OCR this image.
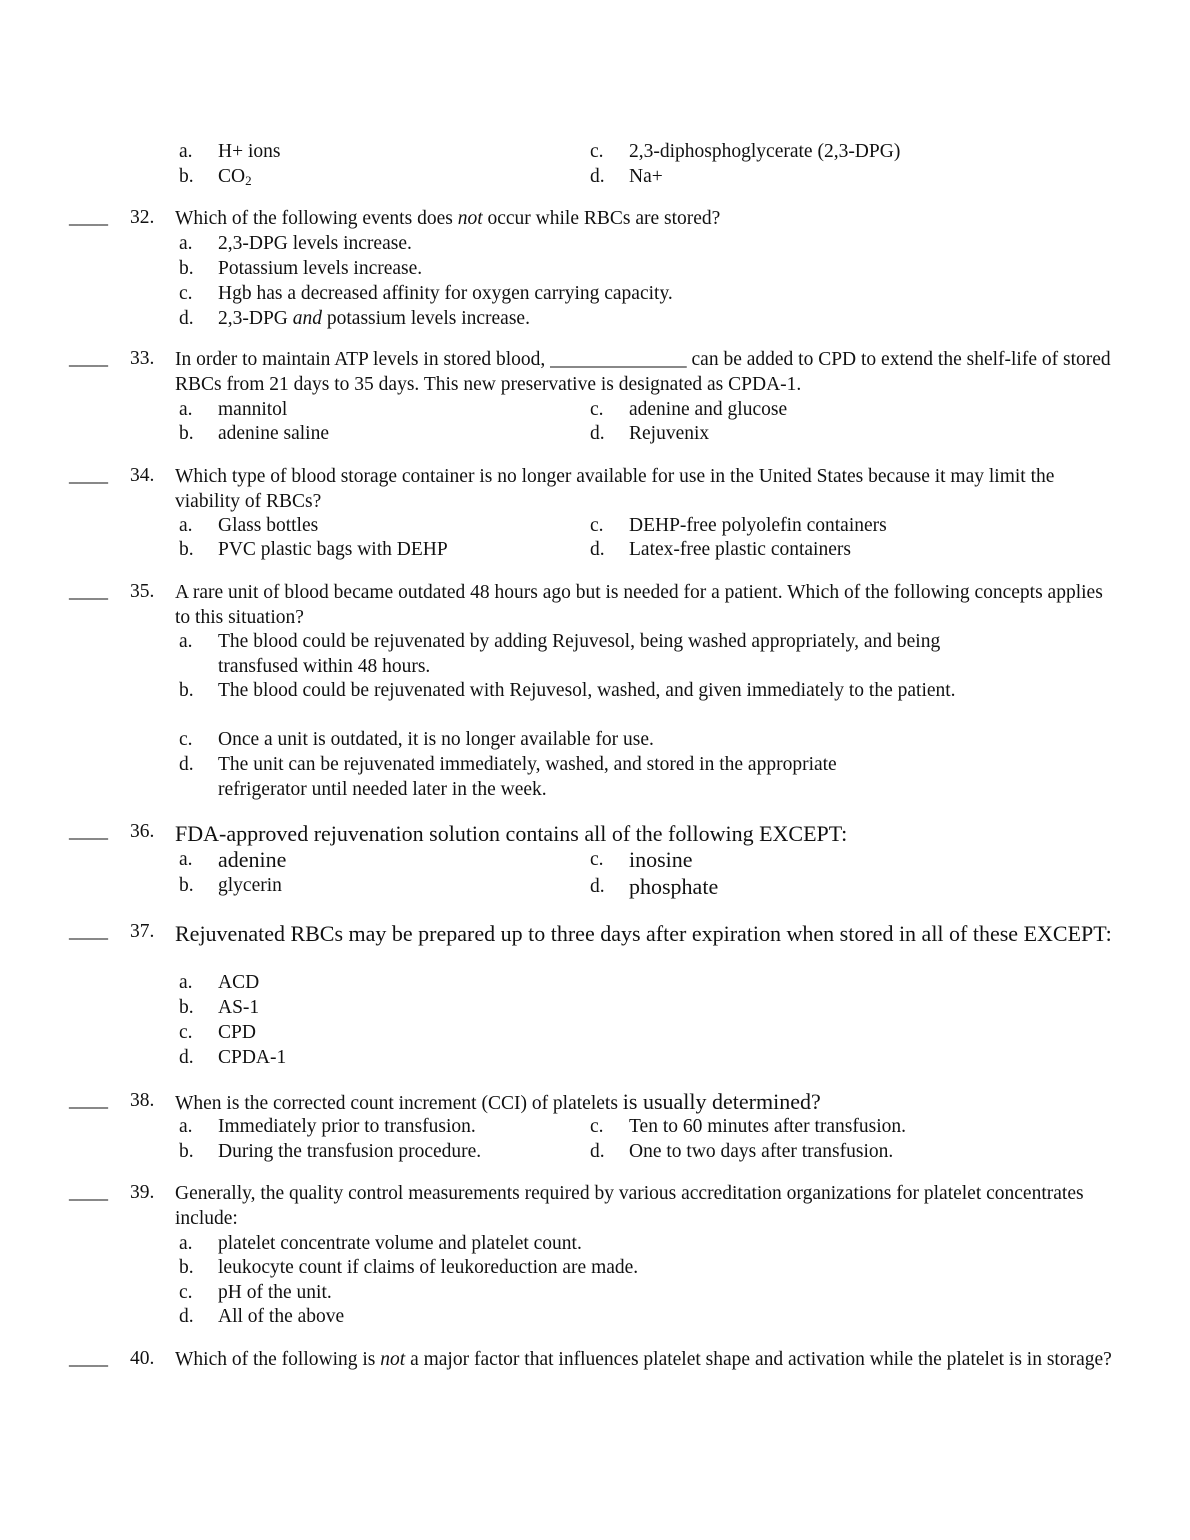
a.	H+ ions
b.	$CO_2$
c.	2,3-diphosphoglycerate (2,3-DPG)
d.	Na+
____ 32. Which of the following events does not occur while RBCs are stored?
a.	2,3-DPG levels increase.
b.	Potassium levels increase.
c.	Hgb has a decreased affinity for oxygen carrying capacity.
d.	2,3-DPG and potassium levels increase.
____ 33. In order to maintain ATP levels in stored blood, ______________ can be added to CPD to extend the shelf-life of stored RBCs from 21 days to 35 days. This new preservative is designated as CPDA-1.
a.	mannitol
b.	adenine saline
c.	adenine and glucose
d.	Rejuvenix
____ 34. Which type of blood storage container is no longer available for use in the United States because it may limit the viability of RBCs?
a.	Glass bottles
b.	PVC plastic bags with DEHP
c.	DEHP-free polyolefin containers
d.	Latex-free plastic containers
____ 35. A rare unit of blood became outdated 48 hours ago but is needed for a patient. Which of the following concepts applies to this situation?
a.	The blood could be rejuvenated by adding Rejuvesol, being washed appropriately, and being transfused within 48 hours.
b.	The blood could be rejuvenated with Rejuvesol, washed, and given immediately to the patient.
c.	Once a unit is outdated, it is no longer available for use.
d.	The unit can be rejuvenated immediately, washed, and stored in the appropriate refrigerator until needed later in the week.
____ 36. FDA-approved rejuvenation solution contains all of the following EXCEPT:
a.	adenine
b.	glycerin
c.	inosine
d.	phosphate
____ 37. Rejuvenated RBCs may be prepared up to three days after expiration when stored in all of these EXCEPT:
a.	ACD
b.	AS-1
c.	CPD
d.	CPDA-1
____ 38. When is the corrected count increment (CCI) of platelets is usually determined?
a.	Immediately prior to transfusion.
b.	During the transfusion procedure.
c.	Ten to 60 minutes after transfusion.
d.	One to two days after transfusion.
____ 39. Generally, the quality control measurements required by various accreditation organizations for platelet concentrates include:
a.	platelet concentrate volume and platelet count.
b.	leukocyte count if claims of leukoreduction are made.
c.	pH of the unit.
d.	All of the above
____ 40. Which of the following is not a major factor that influences platelet shape and activation while the platelet is in storage?
